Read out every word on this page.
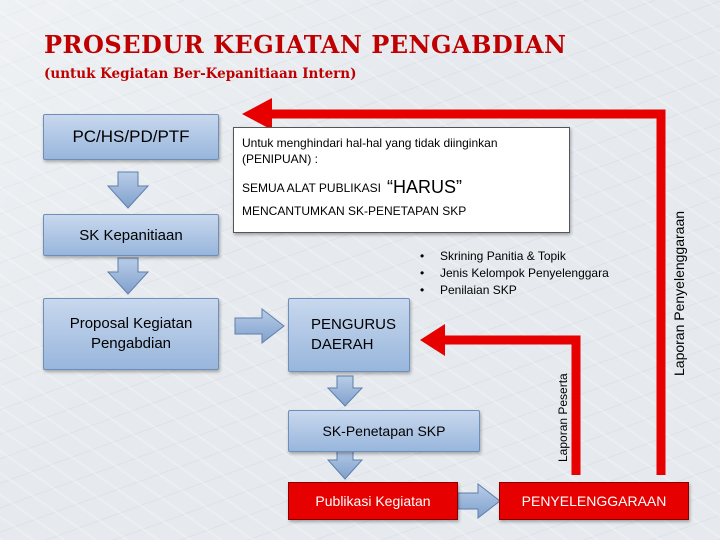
PROSEDUR KEGIATAN PENGABDIAN
(untuk Kegiatan Ber-Kepanitiaan Intern)
PC/HS/PD/PTF
SK Kepanitiaan
Proposal Kegiatan Pengabdian
Untuk menghindari hal-hal yang tidak diinginkan (PENIPUAN) :
SEMUA ALAT PUBLIKASI “HARUS”
MENCANTUMKAN SK-PENETAPAN SKP
• Skrining Panitia & Topik
• Jenis Kelompok Penyelenggara
• Penilaian SKP
PENGURUS DAERAH
SK-Penetapan SKP
Publikasi Kegiatan	PENYELENGGARAAN
Laporan Peserta
Laporan Penyelenggaraan
